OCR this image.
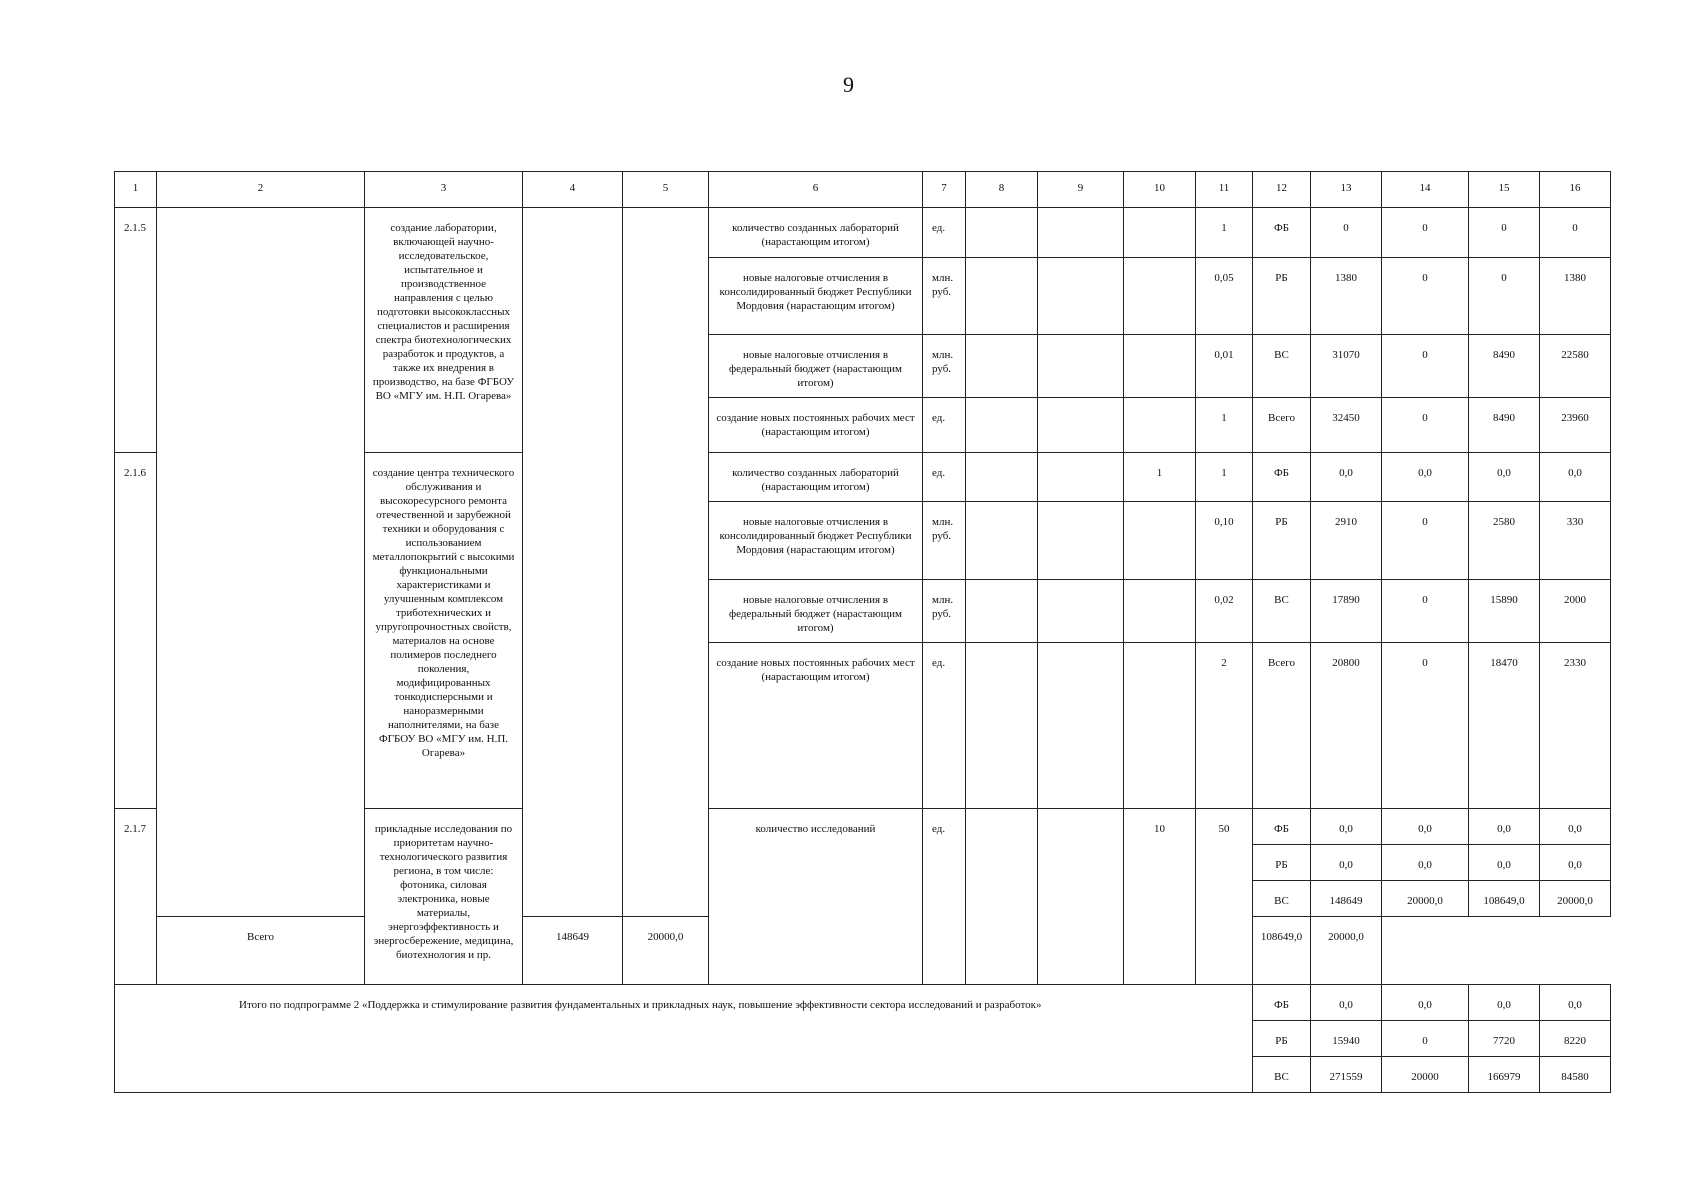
9
1	2	3	4	5	6	7	8	9	10	11	12	13	14	15	16
2.1.5		создание лаборатории, включающей научно-исследовательское, испытательное и производственное направления с целью подготовки высококлассных специалистов и расширения спектра биотехнологических разработок и продуктов, а также их внедрения в производство, на базе ФГБОУ ВО «МГУ им. Н.П. Огарева»			количество созданных лабораторий (нарастающим итогом)	ед.				1	ФБ	0	0	0	0
					новые налоговые отчисления в консолидированный бюджет Республики Мордовия (нарастающим итогом)	млн. руб.				0,05	РБ	1380	0	0	1380
					новые налоговые отчисления в федеральный бюджет (нарастающим итогом)	млн. руб.				0,01	ВС	31070	0	8490	22580
					создание новых постоянных рабочих мест (нарастающим итогом)	ед.				1	Всего	32450	0	8490	23960
2.1.6		создание центра технического обслуживания и высокоресурсного ремонта отечественной и зарубежной техники и оборудования с использованием металлопокрытий с высокими функциональными характеристиками и улучшенным комплексом триботехнических и упругопрочностных свойств, материалов на основе полимеров последнего поколения, модифицированных тонкодисперсными и наноразмерными наполнителями, на базе ФГБОУ ВО «МГУ им. Н.П. Огарева»			количество созданных лабораторий (нарастающим итогом)	ед.			1	1	ФБ	0,0	0,0	0,0	0,0
					новые налоговые отчисления в консолидированный бюджет Республики Мордовия (нарастающим итогом)	млн. руб.				0,10	РБ	2910	0	2580	330
					новые налоговые отчисления в федеральный бюджет (нарастающим итогом)	млн. руб.				0,02	ВС	17890	0	15890	2000
					создание новых постоянных рабочих мест (нарастающим итогом)	ед.				2	Всего	20800	0	18470	2330
2.1.7		прикладные исследования по приоритетам научно-технологического развития региона, в том числе: фотоника, силовая электроника, новые материалы, энергоэффективность и энергосбережение, медицина, биотехнология и пр.			количество исследований	ед.			10	50	ФБ	0,0	0,0	0,0	0,0
											РБ	0,0	0,0	0,0	0,0
											ВС	148649	20000,0	108649,0	20000,0
	Всего		148649	20000,0							108649,0	20000,0			
Итого по подпрограмме 2 «Поддержка и стимулирование развития фундаментальных и прикладных наук, повышение эффективности сектора исследований и разработок»											ФБ	0,0	0,0	0,0	0,0
											РБ	15940	0	7720	8220
											ВС	271559	20000	166979	84580
